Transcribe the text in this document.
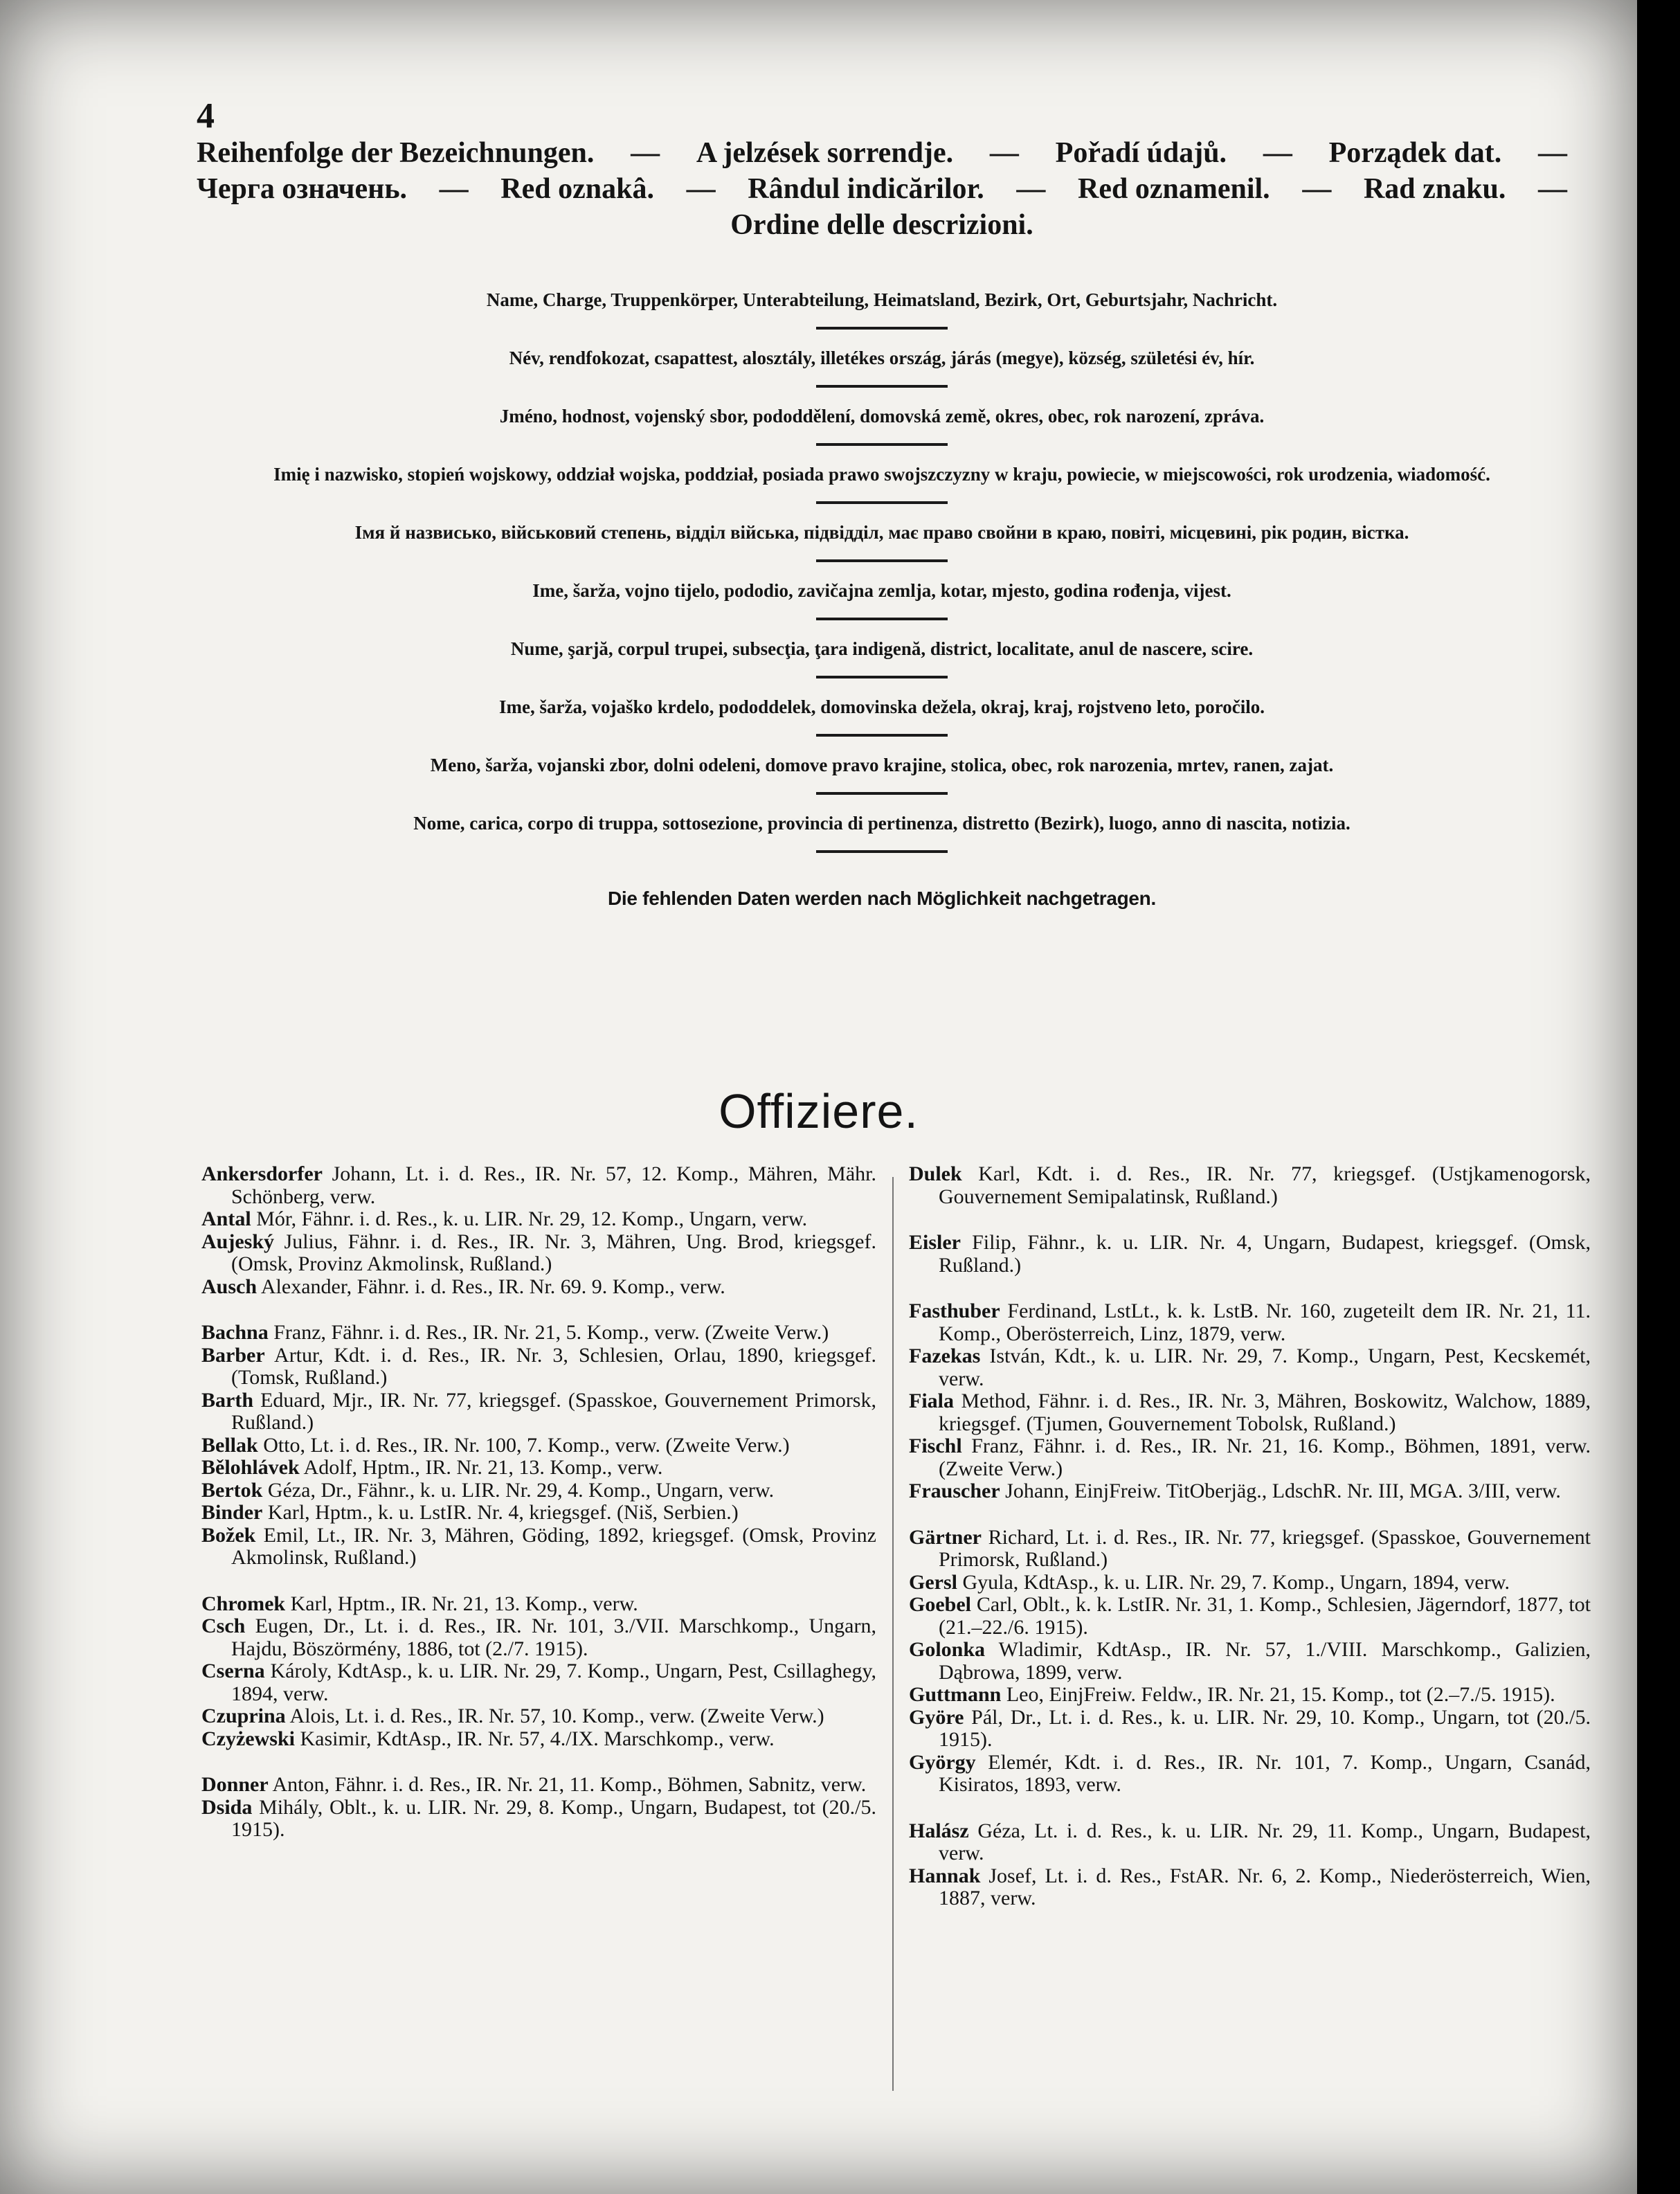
4
Reihenfolge der Bezeichnungen. — A jelzések sorrendje. — Pořadí údajů. — Porządek dat. —
Черга означень. — Red oznakâ. — Rândul indicărilor. — Red oznamenil. — Rad znaku. —
Ordine delle descrizioni.
Name, Charge, Truppenkörper, Unterabteilung, Heimatsland, Bezirk, Ort, Geburtsjahr, Nachricht.
Név, rendfokozat, csapattest, alosztály, illetékes ország, járás (megye), község, születési év, hír.
Jméno, hodnost, vojenský sbor, pododdělení, domovská země, okres, obec, rok narození, zpráva.
Imię i nazwisko, stopień wojskowy, oddział wojska, poddział, posiada prawo swojszczyzny w kraju, powiecie, w miejscowości, rok urodzenia, wiadomość.
Імя й назвисько, військовий степень, відділ війська, підвідділ, має право свойни в краю, повіті, місцевині, рік родин, вістка.
Ime, šarža, vojno tijelo, pododio, zavičajna zemlja, kotar, mjesto, godina rođenja, vijest.
Nume, şarjă, corpul trupei, subsecţia, ţara indigenă, district, localitate, anul de nascere, scire.
Ime, šarža, vojaško krdelo, pododdelek, domovinska dežela, okraj, kraj, rojstveno leto, poročilo.
Meno, šarža, vojanski zbor, dolni odeleni, domove pravo krajine, stolica, obec, rok narozenia, mrtev, ranen, zajat.
Nome, carica, corpo di truppa, sottosezione, provincia di pertinenza, distretto (Bezirk), luogo, anno di nascita, notizia.
Die fehlenden Daten werden nach Möglichkeit nachgetragen.
Offiziere.

Ankersdorfer Johann, Lt. i. d. Res., IR. Nr. 57, 12. Komp., Mähren, Mähr. Schönberg, verw.

Antal Mór, Fähnr. i. d. Res., k. u. LIR. Nr. 29, 12. Komp., Ungarn, verw.

Aujeský Julius, Fähnr. i. d. Res., IR. Nr. 3, Mähren, Ung. Brod, kriegsgef. (Omsk, Provinz Akmolinsk, Rußland.)

Ausch Alexander, Fähnr. i. d. Res., IR. Nr. 69. 9. Komp., verw.

Bachna Franz, Fähnr. i. d. Res., IR. Nr. 21, 5. Komp., verw. (Zweite Verw.)

Barber Artur, Kdt. i. d. Res., IR. Nr. 3, Schlesien, Orlau, 1890, kriegsgef. (Tomsk, Rußland.)

Barth Eduard, Mjr., IR. Nr. 77, kriegsgef. (Spasskoe, Gouvernement Primorsk, Rußland.)

Bellak Otto, Lt. i. d. Res., IR. Nr. 100, 7. Komp., verw. (Zweite Verw.)

Bělohlávek Adolf, Hptm., IR. Nr. 21, 13. Komp., verw.

Bertok Géza, Dr., Fähnr., k. u. LIR. Nr. 29, 4. Komp., Ungarn, verw.

Binder Karl, Hptm., k. u. LstIR. Nr. 4, kriegsgef. (Niš, Serbien.)

Božek Emil, Lt., IR. Nr. 3, Mähren, Göding, 1892, kriegsgef. (Omsk, Provinz Akmolinsk, Rußland.)

Chromek Karl, Hptm., IR. Nr. 21, 13. Komp., verw.

Csch Eugen, Dr., Lt. i. d. Res., IR. Nr. 101, 3./VII. Marschkomp., Ungarn, Hajdu, Böszörmény, 1886, tot (2./7. 1915).

Cserna Károly, KdtAsp., k. u. LIR. Nr. 29, 7. Komp., Ungarn, Pest, Csillaghegy, 1894, verw.

Czuprina Alois, Lt. i. d. Res., IR. Nr. 57, 10. Komp., verw. (Zweite Verw.)

Czyżewski Kasimir, KdtAsp., IR. Nr. 57, 4./IX. Marschkomp., verw.

Donner Anton, Fähnr. i. d. Res., IR. Nr. 21, 11. Komp., Böhmen, Sabnitz, verw.

Dsida Mihály, Oblt., k. u. LIR. Nr. 29, 8. Komp., Ungarn, Budapest, tot (20./5. 1915).

Dulek Karl, Kdt. i. d. Res., IR. Nr. 77, kriegsgef. (Ustjkamenogorsk, Gouvernement Semipalatinsk, Rußland.)

Eisler Filip, Fähnr., k. u. LIR. Nr. 4, Ungarn, Budapest, kriegsgef. (Omsk, Rußland.)

Fasthuber Ferdinand, LstLt., k. k. LstB. Nr. 160, zugeteilt dem IR. Nr. 21, 11. Komp., Oberösterreich, Linz, 1879, verw.

Fazekas István, Kdt., k. u. LIR. Nr. 29, 7. Komp., Ungarn, Pest, Kecskemét, verw.

Fiala Method, Fähnr. i. d. Res., IR. Nr. 3, Mähren, Boskowitz, Walchow, 1889, kriegsgef. (Tjumen, Gouvernement Tobolsk, Rußland.)

Fischl Franz, Fähnr. i. d. Res., IR. Nr. 21, 16. Komp., Böhmen, 1891, verw. (Zweite Verw.)

Frauscher Johann, EinjFreiw. TitOberjäg., LdschR. Nr. III, MGA. 3/III, verw.

Gärtner Richard, Lt. i. d. Res., IR. Nr. 77, kriegsgef. (Spasskoe, Gouvernement Primorsk, Rußland.)

Gersl Gyula, KdtAsp., k. u. LIR. Nr. 29, 7. Komp., Ungarn, 1894, verw.

Goebel Carl, Oblt., k. k. LstIR. Nr. 31, 1. Komp., Schlesien, Jägerndorf, 1877, tot (21.–22./6. 1915).

Golonka Wladimir, KdtAsp., IR. Nr. 57, 1./VIII. Marschkomp., Galizien, Dąbrowa, 1899, verw.

Guttmann Leo, EinjFreiw. Feldw., IR. Nr. 21, 15. Komp., tot (2.–7./5. 1915).

Györe Pál, Dr., Lt. i. d. Res., k. u. LIR. Nr. 29, 10. Komp., Ungarn, tot (20./5. 1915).

György Elemér, Kdt. i. d. Res., IR. Nr. 101, 7. Komp., Ungarn, Csanád, Kisiratos, 1893, verw.

Halász Géza, Lt. i. d. Res., k. u. LIR. Nr. 29, 11. Komp., Ungarn, Budapest, verw.

Hannak Josef, Lt. i. d. Res., FstAR. Nr. 6, 2. Komp., Niederösterreich, Wien, 1887, verw.
